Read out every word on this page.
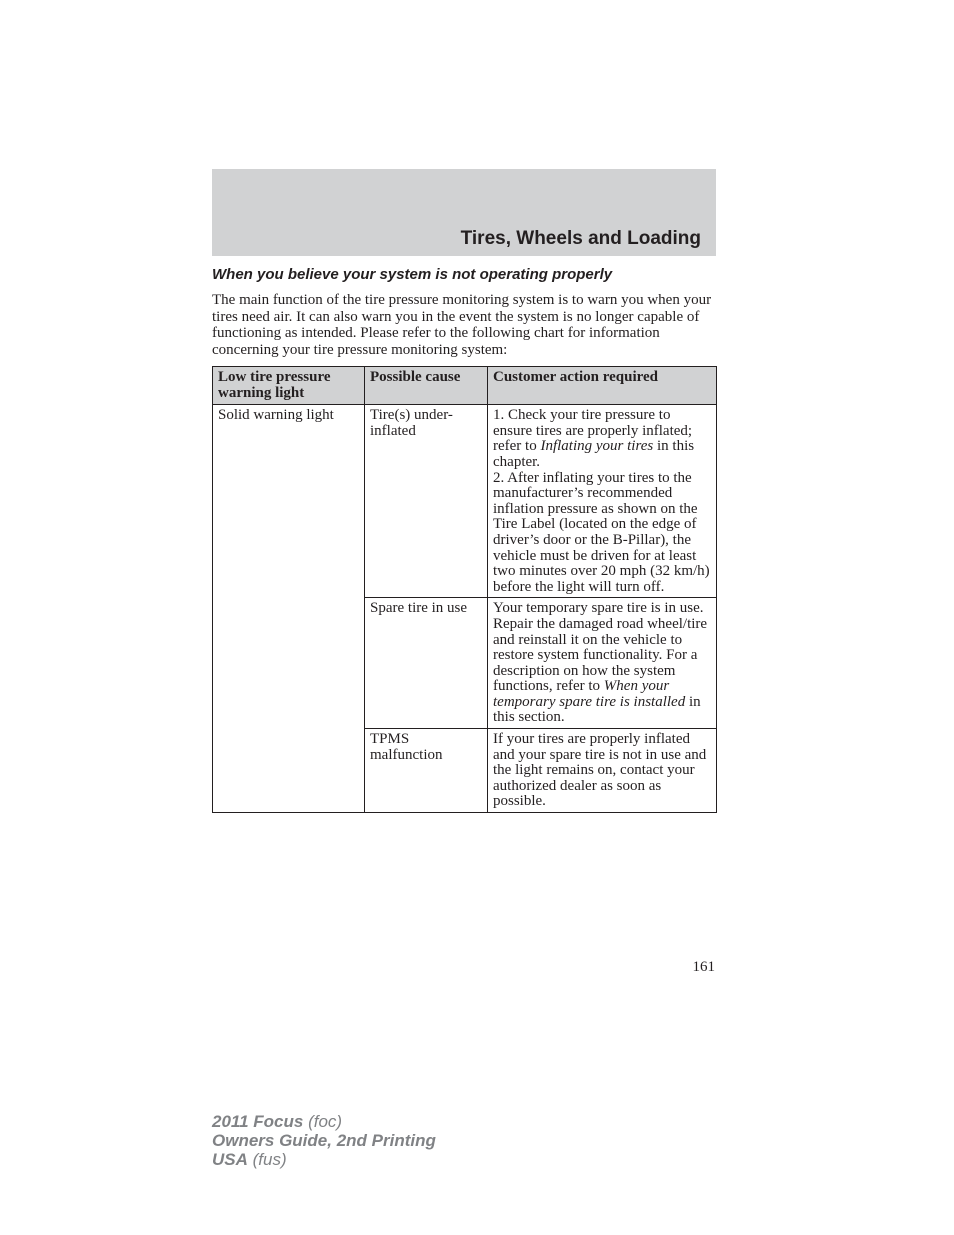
Tires, Wheels and Loading
When you believe your system is not operating properly

The main function of the tire pressure monitoring system is to warn you when your tires need air. It can also warn you in the event the system is no longer capable of functioning as intended. Please refer to the following chart for information concerning your tire pressure monitoring system:

Low tire pressure warning light	Possible cause	Customer action required
Solid warning light	Tire(s) under-inflated	1. Check your tire pressure to ensure tires are properly inflated; refer to Inflating your tires in this chapter.
2. After inflating your tires to the manufacturer’s recommended inflation pressure as shown on the Tire Label (located on the edge of driver’s door or the B-Pillar), the vehicle must be driven for at least two minutes over 20 mph (32 km/h) before the light will turn off.
	Spare tire in use	Your temporary spare tire is in use. Repair the damaged road wheel/tire and reinstall it on the vehicle to restore system functionality. For a description on how the system functions, refer to When your temporary spare tire is installed in this section.
	TPMS malfunction	If your tires are properly inflated and your spare tire is not in use and the light remains on, contact your authorized dealer as soon as possible.
161
2011 Focus (foc)
Owners Guide, 2nd Printing
USA (fus)
